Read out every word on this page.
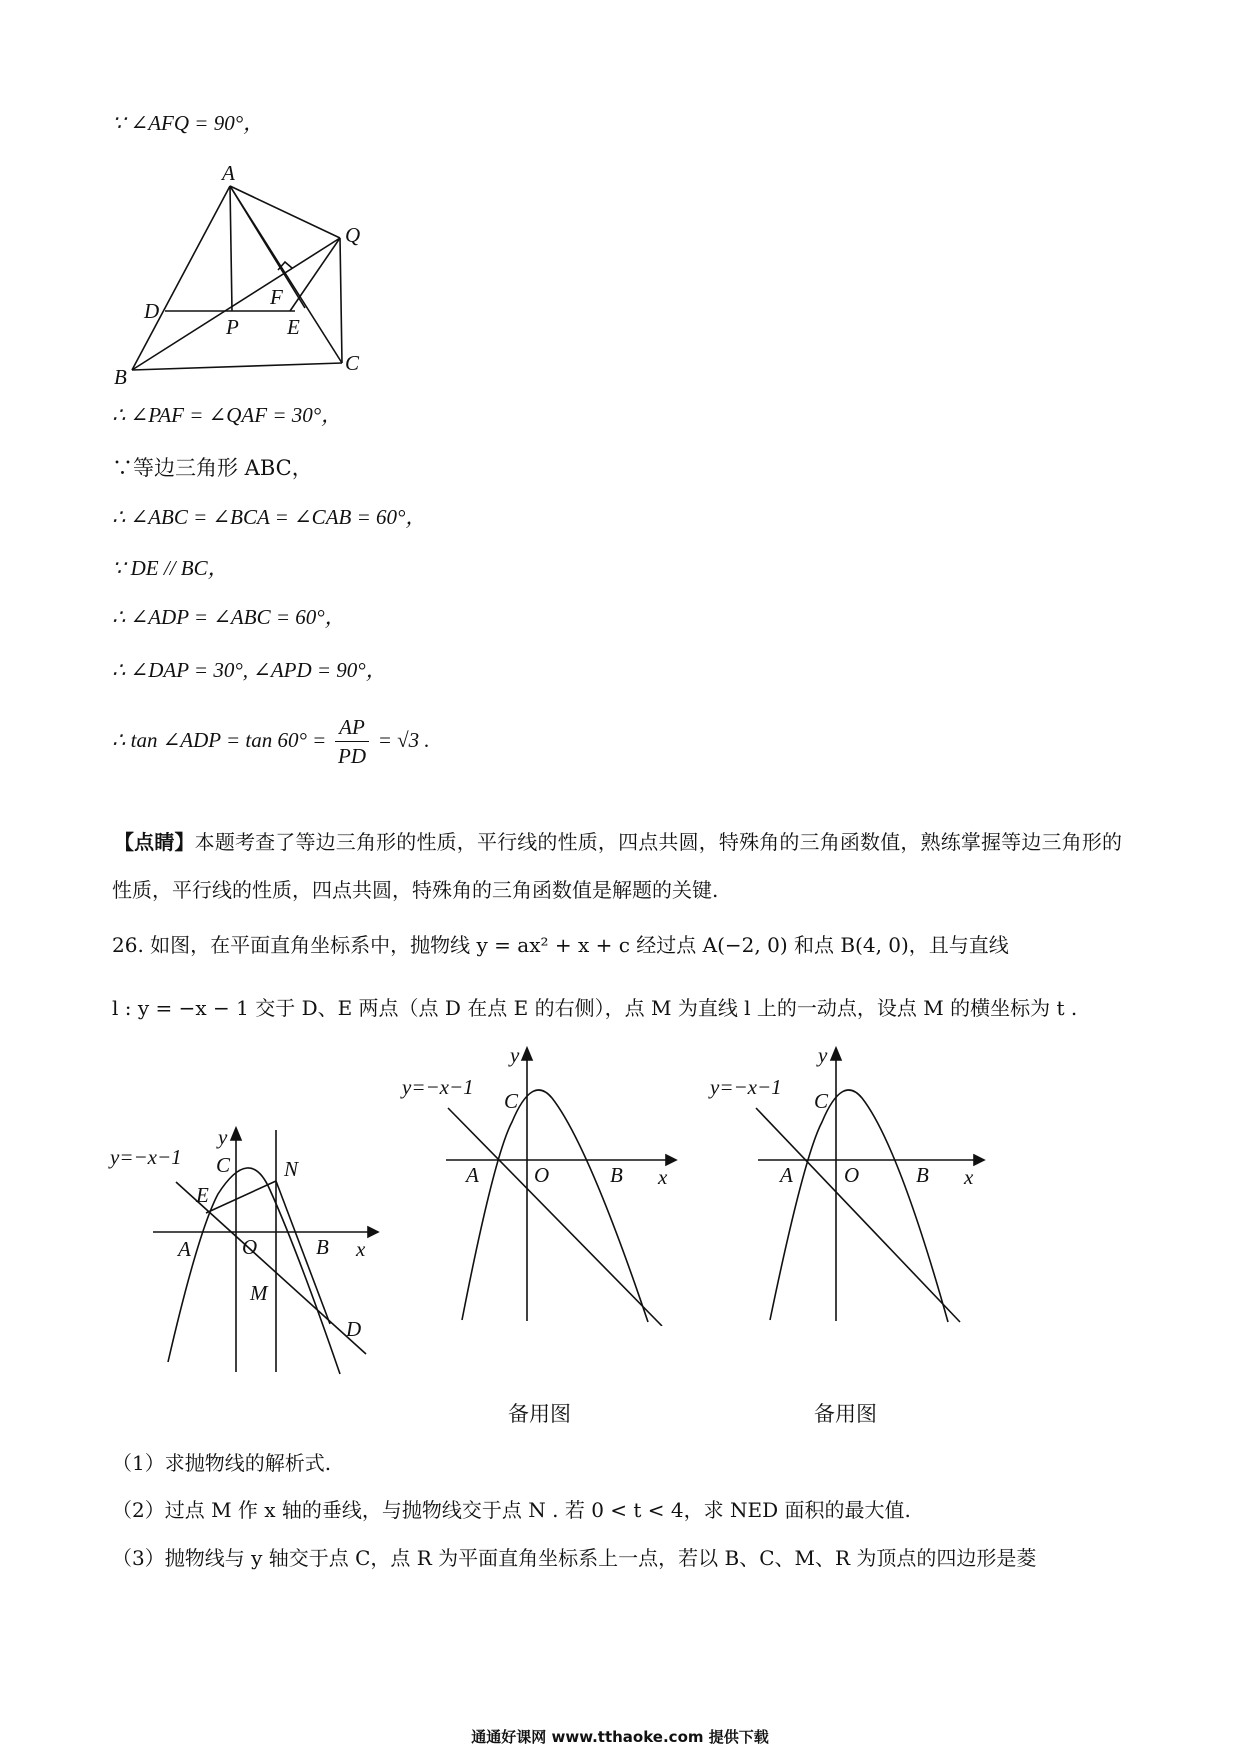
∵ ∠AFQ = 90°，
A
Q
F
D
P E
B
C
∴ ∠PAF = ∠QAF = 30°，
∵等边三角形 ABC，
∴ ∠ABC = ∠BCA = ∠CAB = 60°，
∵ DE // BC，
∴ ∠ADP = ∠ABC = 60°，
∴ ∠DAP = 30°, ∠APD = 90°，
∴ tan ∠ADP = $\tan 60^\circ = \frac{AP}{PD} = √3$ .
【点睛】本题考查了等边三角形的性质，平行线的性质，四点共圆，特殊角的三角函数值，熟练掌握等边三角形的性质，平行线的性质，四点共圆，特殊角的三角函数值是解题的关键.
26. 如图，在平面直角坐标系中，抛物线 y = ax² + x + c 经过点 A(−2, 0) 和点 B(4, 0)，且与直线
l : y = −x − 1 交于 D、E 两点（点 D 在点 E 的右侧），点 M 为直线 l 上的一动点，设点 M 的横坐标为 t .
y=−x−1
y
C	N
E
A O	B x
M
D
y
y=−x−1
C
A	O	B x
y
y=−x−1
C
A O	B x
备用图	备用图
（1）求抛物线的解析式.
（2）过点 M 作 x 轴的垂线，与抛物线交于点 N . 若 0 < t < 4，求 NED 面积的最大值.
（3）抛物线与 y 轴交于点 C，点 R 为平面直角坐标系上一点，若以 B、C、M、R 为顶点的四边形是菱
通通好课网 www.tthaoke.com 提供下载
